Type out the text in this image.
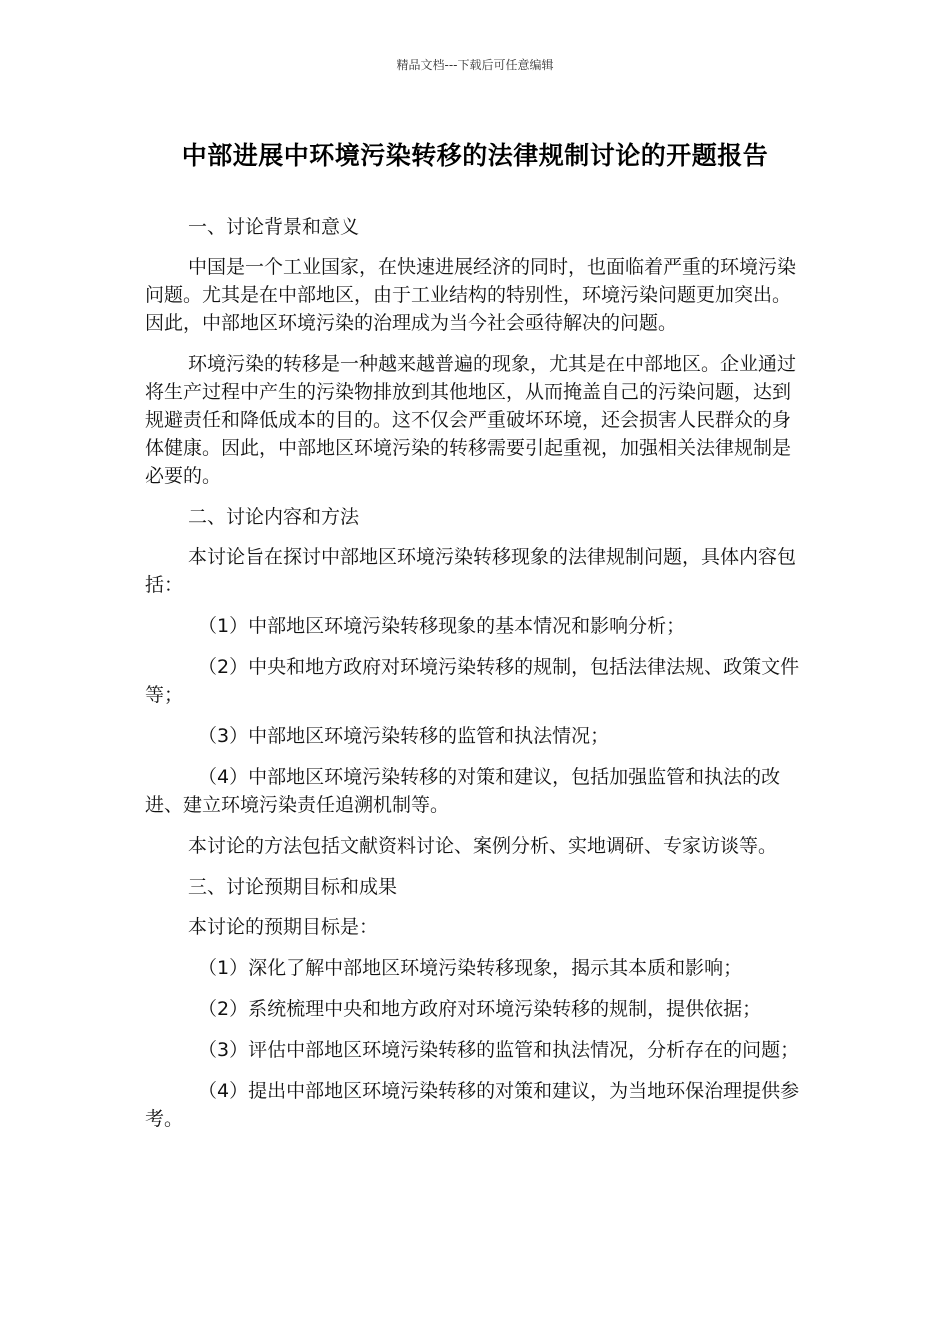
精品文档---下载后可任意编辑
中部进展中环境污染转移的法律规制讨论的开题报告

一、讨论背景和意义

中国是一个工业国家，在快速进展经济的同时，也面临着严重的环境污染问题。尤其是在中部地区，由于工业结构的特别性，环境污染问题更加突出。因此，中部地区环境污染的治理成为当今社会亟待解决的问题。

环境污染的转移是一种越来越普遍的现象，尤其是在中部地区。企业通过将生产过程中产生的污染物排放到其他地区，从而掩盖自己的污染问题，达到规避责任和降低成本的目的。这不仅会严重破坏环境，还会损害人民群众的身体健康。因此，中部地区环境污染的转移需要引起重视，加强相关法律规制是必要的。

二、讨论内容和方法

本讨论旨在探讨中部地区环境污染转移现象的法律规制问题，具体内容包括：

（1）中部地区环境污染转移现象的基本情况和影响分析；

（2）中央和地方政府对环境污染转移的规制，包括法律法规、政策文件等；

（3）中部地区环境污染转移的监管和执法情况；

（4）中部地区环境污染转移的对策和建议，包括加强监管和执法的改进、建立环境污染责任追溯机制等。

本讨论的方法包括文献资料讨论、案例分析、实地调研、专家访谈等。

三、讨论预期目标和成果

本讨论的预期目标是：

（1）深化了解中部地区环境污染转移现象，揭示其本质和影响；

（2）系统梳理中央和地方政府对环境污染转移的规制，提供依据；

（3）评估中部地区环境污染转移的监管和执法情况，分析存在的问题；

（4）提出中部地区环境污染转移的对策和建议，为当地环保治理提供参考。
